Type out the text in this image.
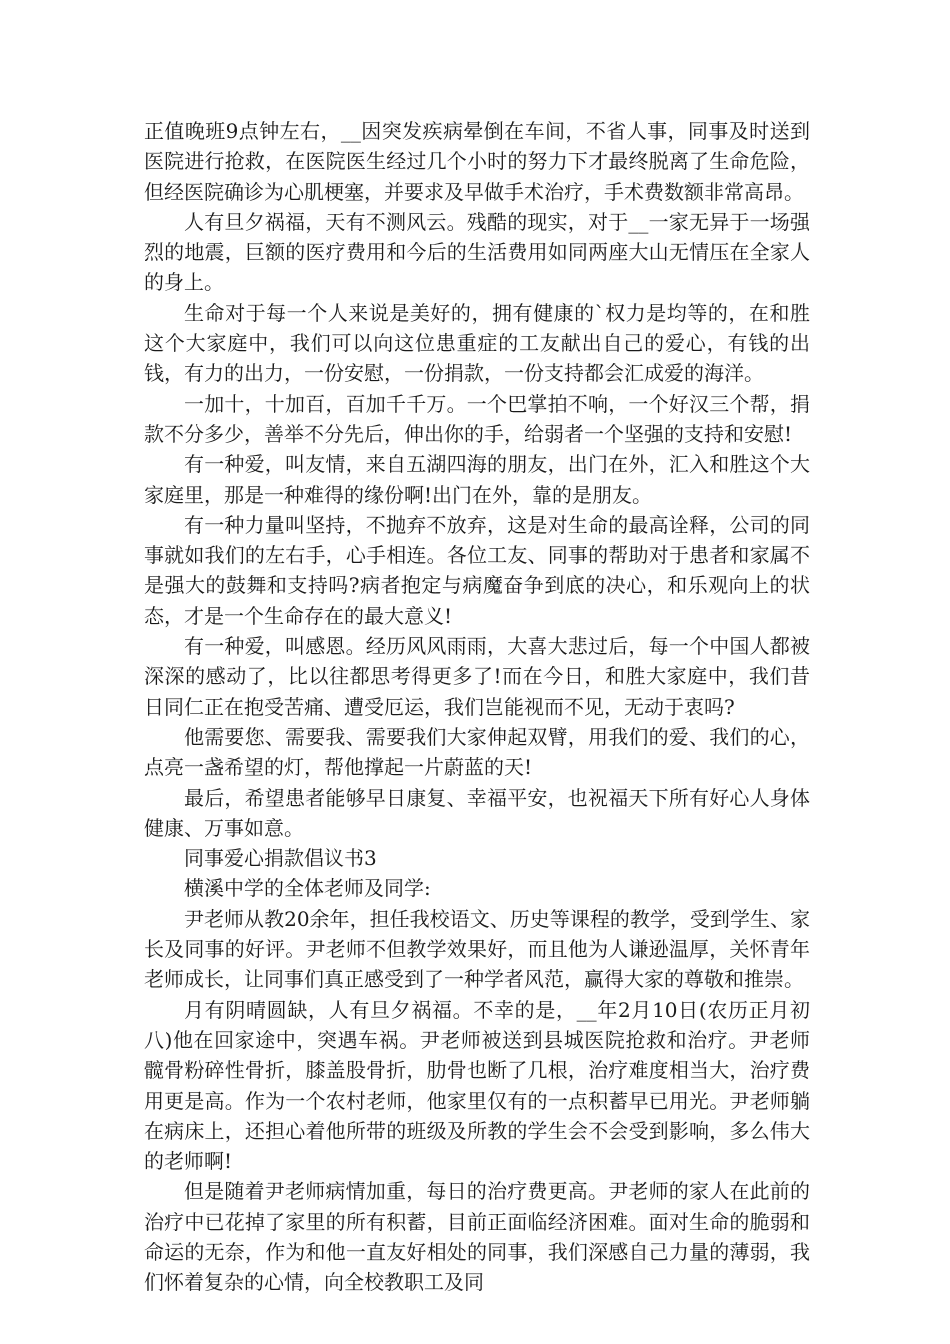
正值晚班9点钟左右，__因突发疾病晕倒在车间，不省人事，同事及时送到医院进行抢救，在医院医生经过几个小时的努力下才最终脱离了生命危险，但经医院确诊为心肌梗塞，并要求及早做手术治疗，手术费数额非常高昂。

人有旦夕祸福，天有不测风云。残酷的现实，对于__一家无异于一场强烈的地震，巨额的医疗费用和今后的生活费用如同两座大山无情压在全家人的身上。

生命对于每一个人来说是美好的，拥有健康的`权力是均等的，在和胜这个大家庭中，我们可以向这位患重症的工友献出自己的爱心，有钱的出钱，有力的出力，一份安慰，一份捐款，一份支持都会汇成爱的海洋。

一加十，十加百，百加千千万。一个巴掌拍不响，一个好汉三个帮，捐款不分多少，善举不分先后，伸出你的手，给弱者一个坚强的支持和安慰!

有一种爱，叫友情，来自五湖四海的朋友，出门在外，汇入和胜这个大家庭里，那是一种难得的缘份啊!出门在外，靠的是朋友。

有一种力量叫坚持，不抛弃不放弃，这是对生命的最高诠释，公司的同事就如我们的左右手，心手相连。各位工友、同事的帮助对于患者和家属不是强大的鼓舞和支持吗?病者抱定与病魔奋争到底的决心，和乐观向上的状态，才是一个生命存在的最大意义!

有一种爱，叫感恩。经历风风雨雨，大喜大悲过后，每一个中国人都被深深的感动了，比以往都思考得更多了!而在今日，和胜大家庭中，我们昔日同仁正在抱受苦痛、遭受厄运，我们岂能视而不见，无动于衷吗?

他需要您、需要我、需要我们大家伸起双臂，用我们的爱、我们的心，点亮一盏希望的灯，帮他撑起一片蔚蓝的天!

最后，希望患者能够早日康复、幸福平安，也祝福天下所有好心人身体健康、万事如意。

同事爱心捐款倡议书3

横溪中学的全体老师及同学:

尹老师从教20余年，担任我校语文、历史等课程的教学，受到学生、家长及同事的好评。尹老师不但教学效果好，而且他为人谦逊温厚，关怀青年老师成长，让同事们真正感受到了一种学者风范，赢得大家的尊敬和推崇。

月有阴晴圆缺，人有旦夕祸福。不幸的是，__年2月10日(农历正月初八)他在回家途中，突遇车祸。尹老师被送到县城医院抢救和治疗。尹老师髋骨粉碎性骨折，膝盖股骨折，肋骨也断了几根，治疗难度相当大，治疗费用更是高。作为一个农村老师，他家里仅有的一点积蓄早已用光。尹老师躺在病床上，还担心着他所带的班级及所教的学生会不会受到影响，多么伟大的老师啊!

但是随着尹老师病情加重，每日的治疗费更高。尹老师的家人在此前的治疗中已花掉了家里的所有积蓄，目前正面临经济困难。面对生命的脆弱和命运的无奈，作为和他一直友好相处的同事，我们深感自己力量的薄弱，我们怀着复杂的心情，向全校教职工及同
